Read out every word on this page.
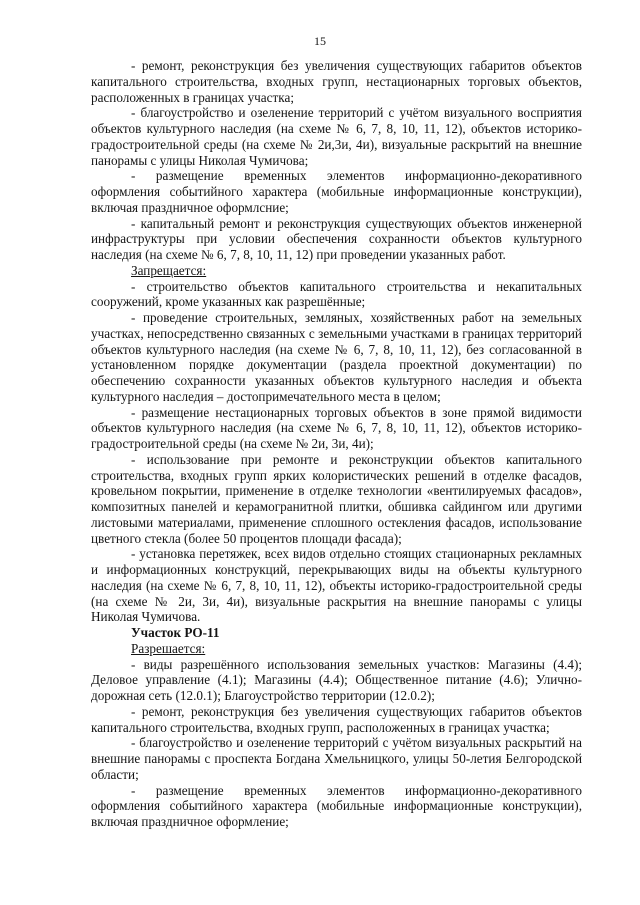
15

- ремонт, реконструкция без увеличения существующих габаритов объектов капитального строительства, входных групп, нестационарных торговых объектов, расположенных в границах участка;

- благоустройство и озеленение территорий с учётом визуального восприятия объектов культурного наследия (на схеме № 6, 7, 8, 10, 11, 12), объектов историко-градостроительной среды (на схеме № 2и,3и, 4и), визуальные раскрытий на внешние панорамы с улицы Николая Чумичова;

- размещение временных элементов информационно-декоративного оформления событийного характера (мобильные информационные конструкции), включая праздничное оформлсние;

- капитальный ремонт и реконструкция существующих объектов инженерной инфраструктуры при условии обеспечения сохранности объектов культурного наследия (на схеме № 6, 7, 8, 10, 11, 12) при проведении указанных работ.

Запрещается:

- строительство объектов капитального строительства и некапитальных сооружений, кроме указанных как разрешённые;

- проведение строительных, земляных, хозяйственных работ на земельных участках, непосредственно связанных с земельными участками в границах территорий объектов культурного наследия (на схеме № 6, 7, 8, 10, 11, 12), без согласованной в установленном порядке документации (раздела проектной документации) по обеспечению сохранности указанных объектов культурного наследия и объекта культурного наследия – достопримечательного места в целом;

- размещение нестационарных торговых объектов в зоне прямой видимости объектов культурного наследия (на схеме № 6, 7, 8, 10, 11, 12), объектов историко-градостроительной среды (на схеме № 2и, 3и, 4и);

- использование при ремонте и реконструкции объектов капитального строительства, входных групп ярких колористических решений в отделке фасадов, кровельном покрытии, применение в отделке технологии «вентилируемых фасадов», композитных панелей и керамогранитной плитки, обшивка сайдингом или другими листовыми материалами, применение сплошного остекления фасадов, использование цветного стекла (более 50 процентов площади фасада);

- установка перетяжек, всех видов отдельно стоящих стационарных рекламных и информационных конструкций, перекрывающих виды на объекты культурного наследия (на схеме № 6, 7, 8, 10, 11, 12), объекты историко-градостроительной среды (на схеме № 2и, 3и, 4и), визуальные раскрытия на внешние панорамы с улицы Николая Чумичова.

Участок РО-11

Разрешается:

- виды разрешённого использования земельных участков: Магазины (4.4); Деловое управление (4.1); Магазины (4.4); Общественное питание (4.6); Улично-дорожная сеть (12.0.1); Благоустройство территории (12.0.2);

- ремонт, реконструкция без увеличения существующих габаритов объектов капитального строительства, входных групп, расположенных в границах участка;

- благоустройство и озеленение территорий с учётом визуальных раскрытий на внешние панорамы с проспекта Богдана Хмельницкого, улицы 50-летия Белгородской области;

- размещение временных элементов информационно-декоративного оформления событийного характера (мобильные информационные конструкции), включая праздничное оформление;
